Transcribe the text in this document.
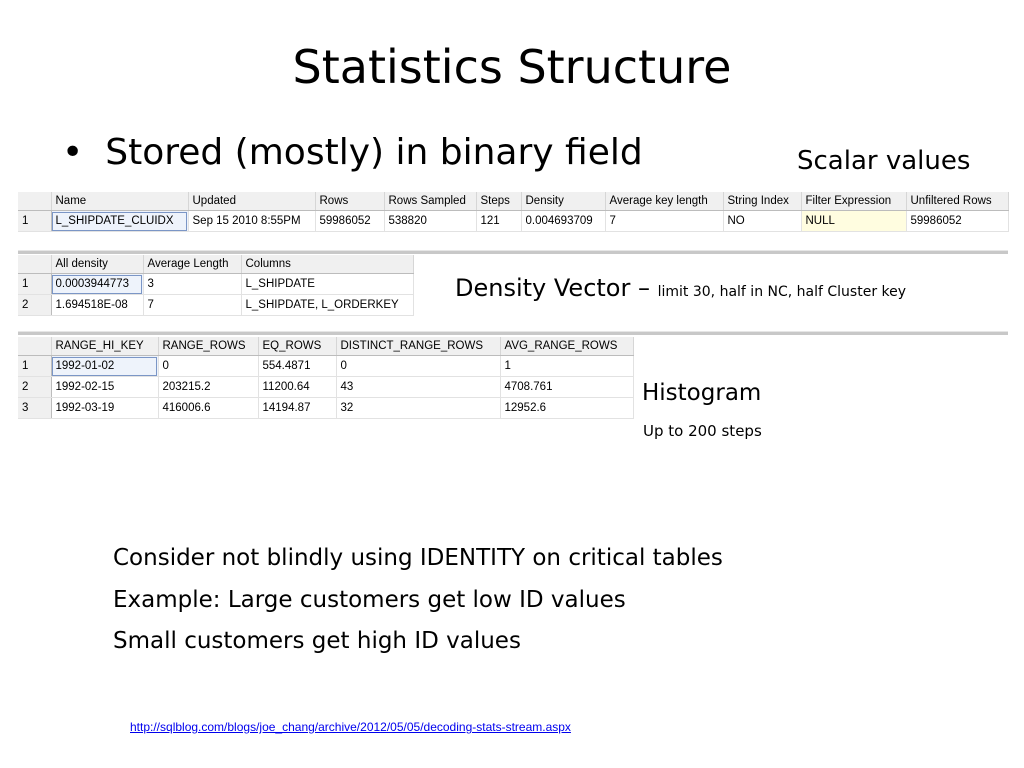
Statistics Structure
• Stored (mostly) in binary field	Scalar values
	Name	Updated	Rows	Rows Sampled	Steps	Density	Average key length	String Index	Filter Expression	Unfiltered Rows
1	L_SHIPDATE_CLUIDX	Sep 15 2010 8:55PM	59986052	538820	121	0.004693709	7	NO	NULL	59986052
	All density	Average Length	Columns
1	0.0003944773	3	L_SHIPDATE
2	1.694518E-08	7	L_SHIPDATE, L_ORDERKEY
Density Vector – limit 30, half in NC, half Cluster key
	RANGE_HI_KEY	RANGE_ROWS	EQ_ROWS	DISTINCT_RANGE_ROWS	AVG_RANGE_ROWS
1	1992-01-02	0	554.4871	0	1
2	1992-02-15	203215.2	11200.64	43	4708.761
3	1992-03-19	416006.6	14194.87	32	12952.6
Histogram
Up to 200 steps
Consider not blindly using IDENTITY on critical tables
Example: Large customers get low ID values
Small customers get high ID values
http://sqlblog.com/blogs/joe_chang/archive/2012/05/05/decoding-stats-stream.aspx
